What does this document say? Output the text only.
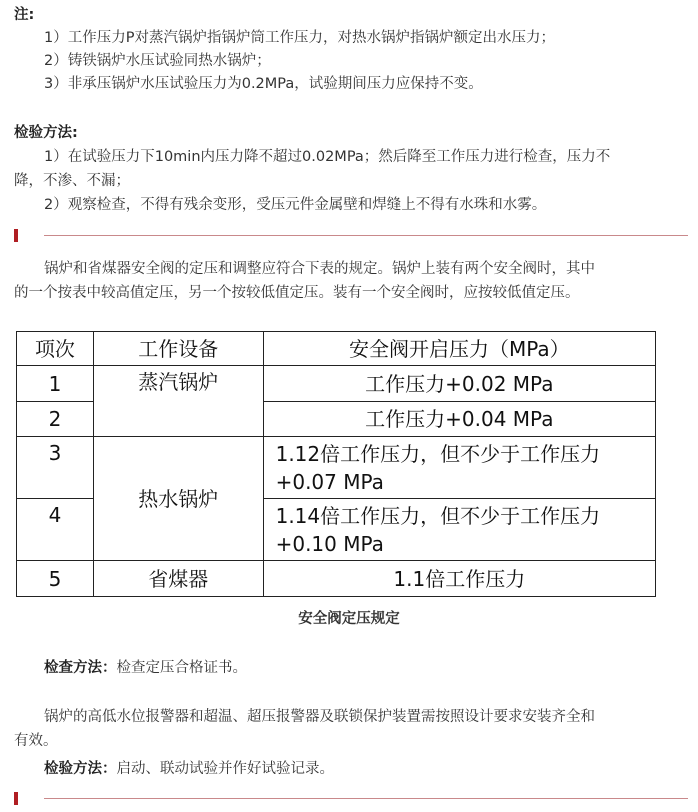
注:
1）工作压力P对蒸汽锅炉指锅炉筒工作压力，对热水锅炉指锅炉额定出水压力；
2）铸铁锅炉水压试验同热水锅炉；
3）非承压锅炉水压试验压力为0.2MPa，试验期间压力应保持不变。
检验方法:
1）在试验压力下10min内压力降不超过0.02MPa；然后降至工作压力进行检查，压力不
降，不渗、不漏；
2）观察检查，不得有残余变形，受压元件金属壁和焊缝上不得有水珠和水雾。
锅炉和省煤器安全阀的定压和调整应符合下表的规定。锅炉上装有两个安全阀时，其中
的一个按表中较高值定压，另一个按较低值定压。装有一个安全阀时，应按较低值定压。
项次	工作设备	安全阀开启压力（MPa）
1	蒸汽锅炉	工作压力+0.02 MPa
2		工作压力+0.04 MPa
3	热水锅炉	1.12倍工作压力，但不少于工作压力
+0.07 MPa

4		1.14倍工作压力，但不少于工作压力
+0.10 MPa

5	省煤器	1.1倍工作压力
安全阀定压规定
检查方法：检查定压合格证书。
锅炉的高低水位报警器和超温、超压报警器及联锁保护装置需按照设计要求安装齐全和
有效。
检验方法：启动、联动试验并作好试验记录。
